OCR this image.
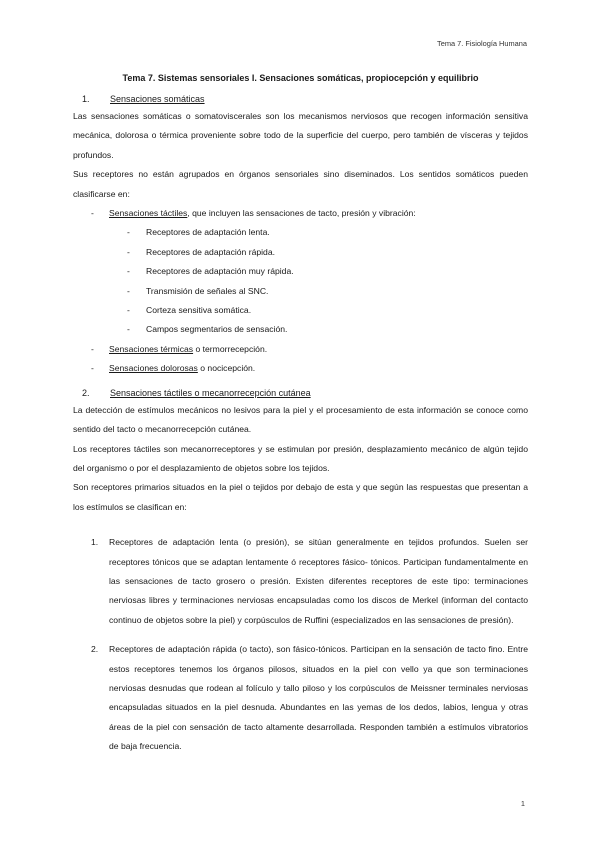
Tema 7. Fisiología Humana
Tema 7. Sistemas sensoriales I. Sensaciones somáticas, propiocepción y equilibrio
1.	Sensaciones somáticas

Las sensaciones somáticas o somatoviscerales son los mecanismos nerviosos que recogen información sensitiva mecánica, dolorosa o térmica proveniente sobre todo de la superficie del cuerpo, pero también de vísceras y tejidos profundos.

Sus receptores no están agrupados en órganos sensoriales sino diseminados. Los sentidos somáticos pueden clasificarse en:

-	Sensaciones táctiles, que incluyen las sensaciones de tacto, presión y vibración:
-	Receptores de adaptación lenta.
-	Receptores de adaptación rápida.
-	Receptores de adaptación muy rápida.
-	Transmisión de señales al SNC.
-	Corteza sensitiva somática.
-	Campos segmentarios de sensación.
-	Sensaciones térmicas o termorrecepción.
-	Sensaciones dolorosas o nocicepción.
2.	Sensaciones táctiles o mecanorrecepción cutánea

La detección de estímulos mecánicos no lesivos para la piel y el procesamiento de esta información se conoce como sentido del tacto o mecanorrecepción cutánea.

Los receptores táctiles son mecanorreceptores y se estimulan por presión, desplazamiento mecánico de algún tejido del organismo o por el desplazamiento de objetos sobre los tejidos.

Son receptores primarios situados en la piel o tejidos por debajo de esta y que según las respuestas que presentan a los estímulos se clasifican en:

1.	Receptores de adaptación lenta (o presión), se sitúan generalmente en tejidos profundos. Suelen ser receptores tónicos que se adaptan lentamente ó receptores fásico- tónicos. Participan fundamentalmente en las sensaciones de tacto grosero o presión. Existen diferentes receptores de este tipo: terminaciones nerviosas libres y terminaciones nerviosas encapsuladas como los discos de Merkel (informan del contacto continuo de objetos sobre la piel) y corpúsculos de Ruffini (especializados en las sensaciones de presión).
2.	Receptores de adaptación rápida (o tacto), son fásico-tónicos. Participan en la sensación de tacto fino. Entre estos receptores tenemos los órganos pilosos, situados en la piel con vello ya que son terminaciones nerviosas desnudas que rodean al folículo y tallo piloso y los corpúsculos de Meissner terminales nerviosas encapsuladas situados en la piel desnuda. Abundantes en las yemas de los dedos, labios, lengua y otras áreas de la piel con sensación de tacto altamente desarrollada. Responden también a estímulos vibratorios de baja frecuencia.
1
